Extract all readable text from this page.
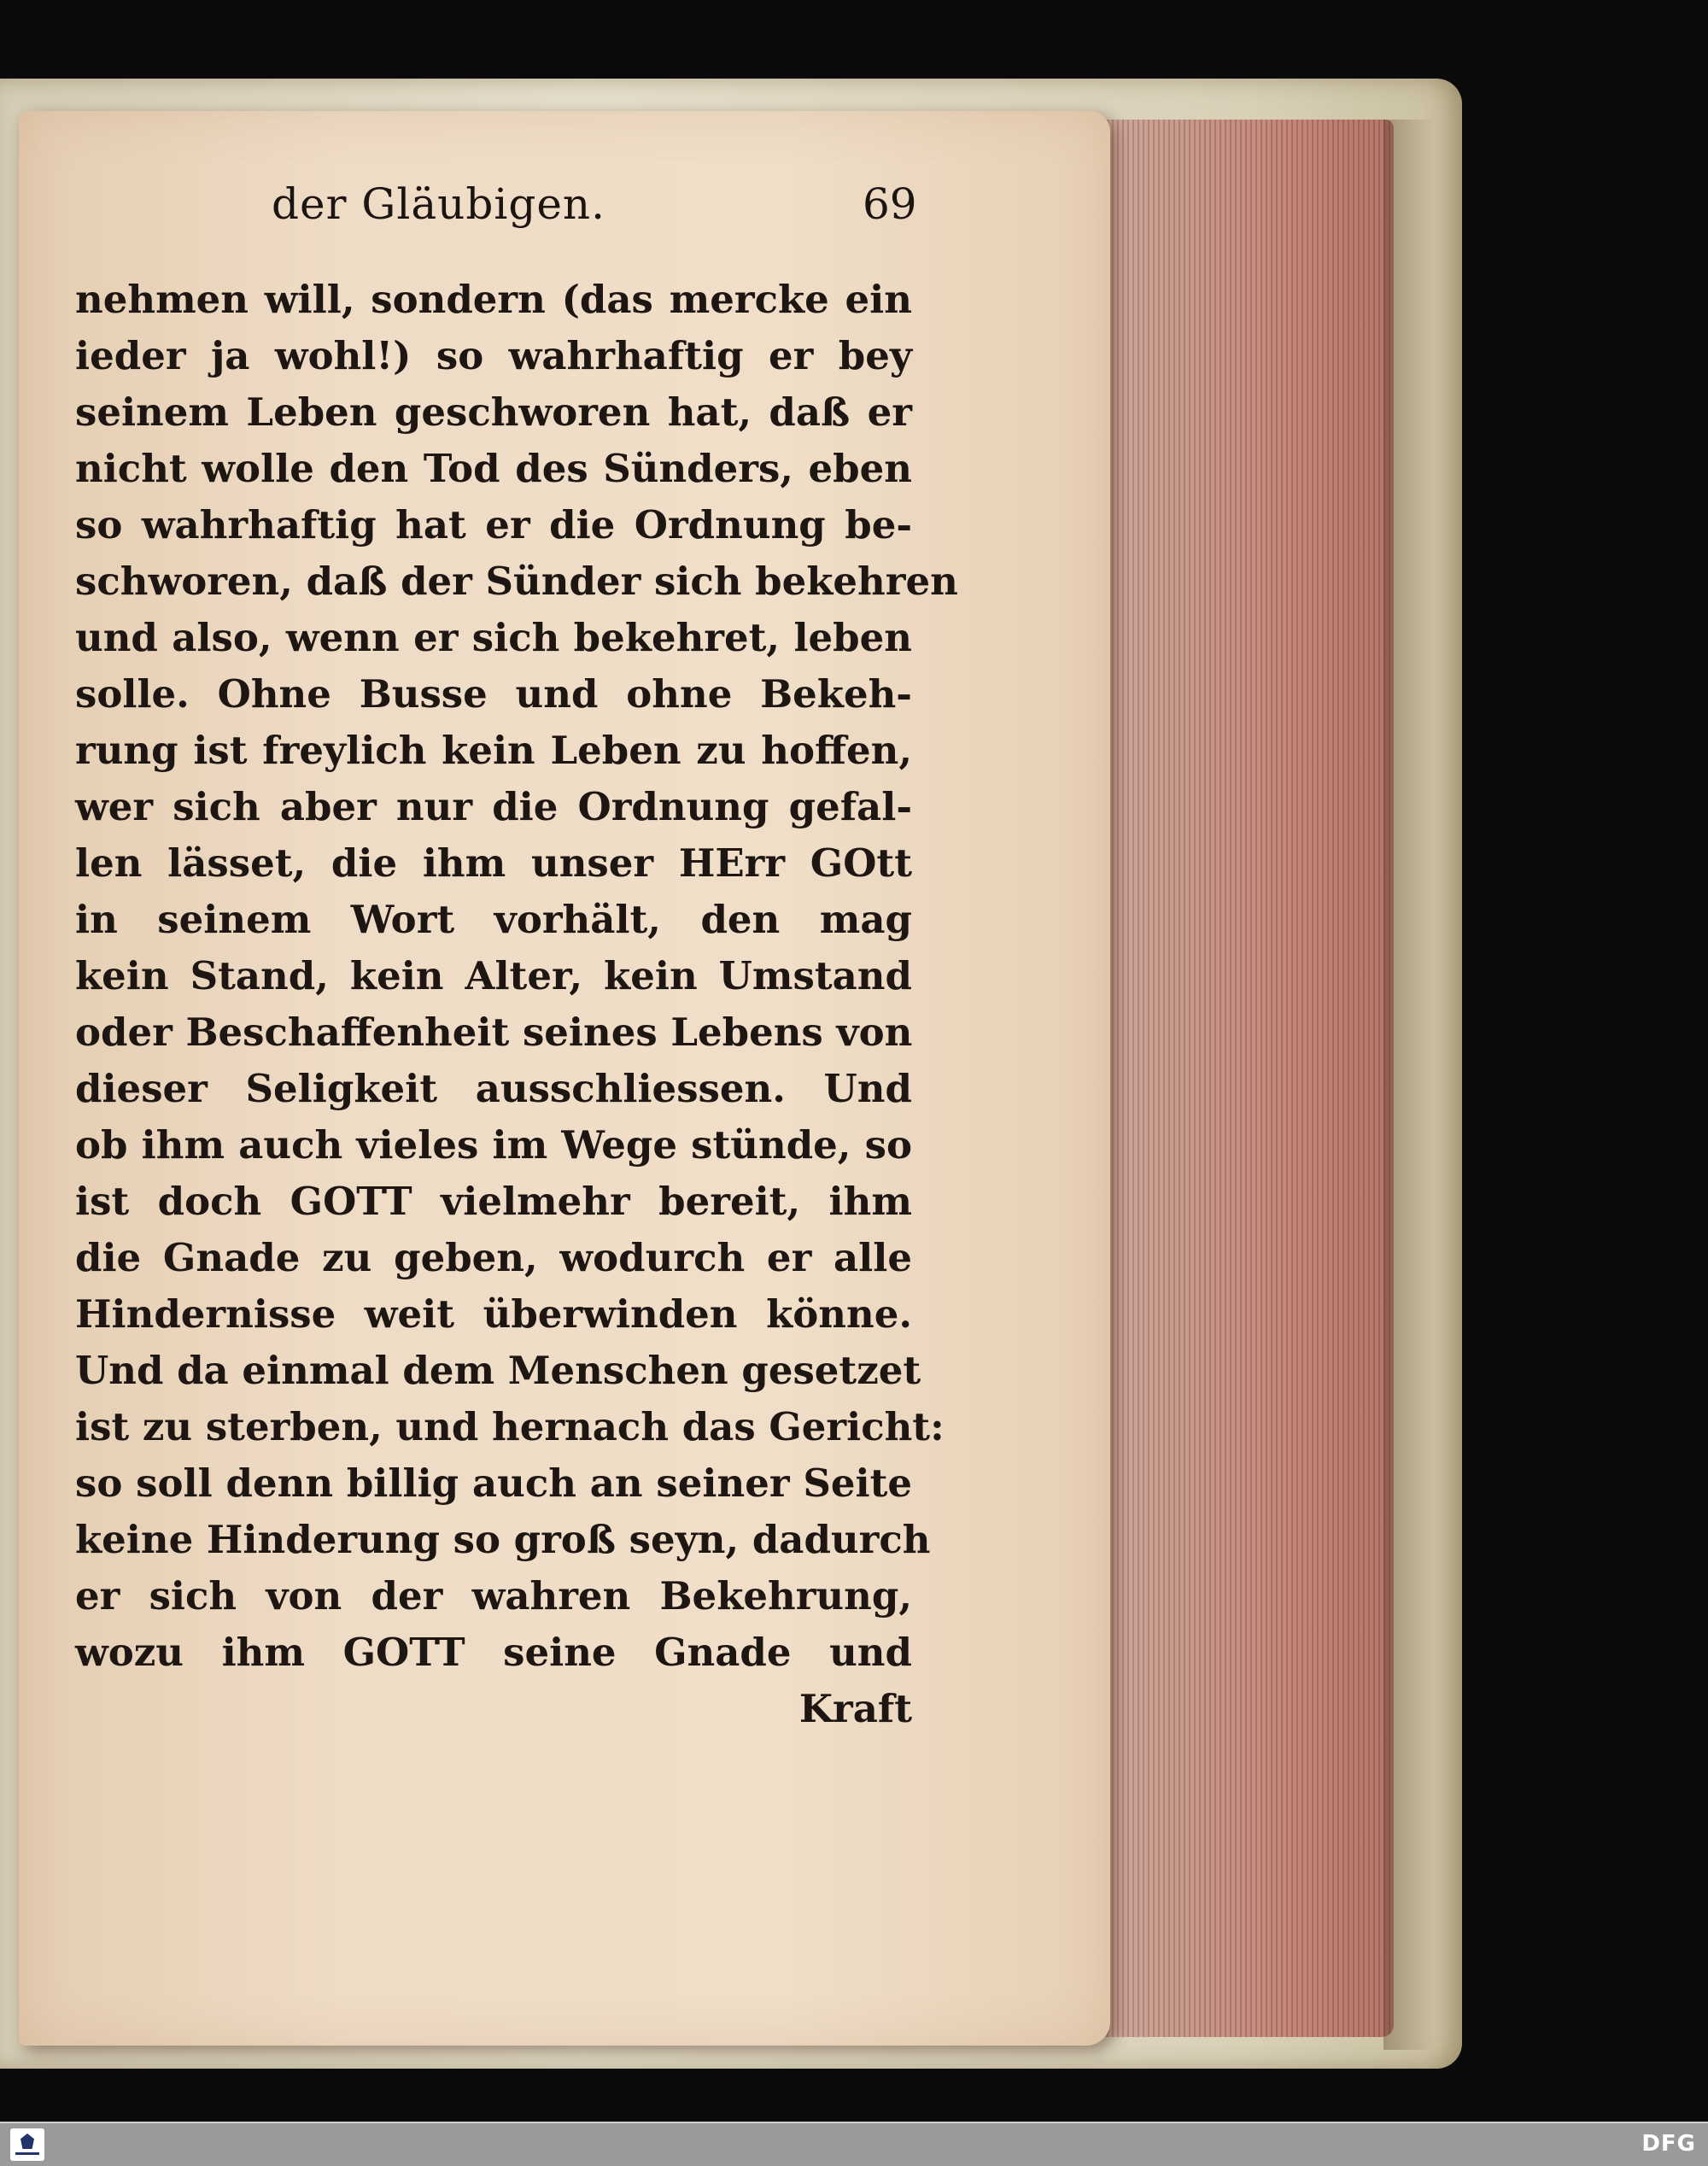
der Gläubigen.	69
nehmen will, sondern (das mercke ein
ieder ja wohl!) so wahrhaftig er bey
seinem Leben geschworen hat, daß er
nicht wolle den Tod des Sünders, eben
so wahrhaftig hat er die Ordnung be-
schworen, daß der Sünder sich bekehren
und also, wenn er sich bekehret, leben
solle. Ohne Busse und ohne Bekeh-
rung ist freylich kein Leben zu hoffen,
wer sich aber nur die Ordnung gefal-
len lässet, die ihm unser HErr GOtt
in seinem Wort vorhält, den mag
kein Stand, kein Alter, kein Umstand
oder Beschaffenheit seines Lebens von
dieser Seligkeit ausschliessen. Und
ob ihm auch vieles im Wege stünde, so
ist doch GOTT vielmehr bereit, ihm
die Gnade zu geben, wodurch er alle
Hindernisse weit überwinden könne.
Und da einmal dem Menschen gesetzet
ist zu sterben, und hernach das Gericht:
so soll denn billig auch an seiner Seite
keine Hinderung so groß seyn, dadurch
er sich von der wahren Bekehrung,
wozu ihm GOTT seine Gnade und
Kraft
DFG
